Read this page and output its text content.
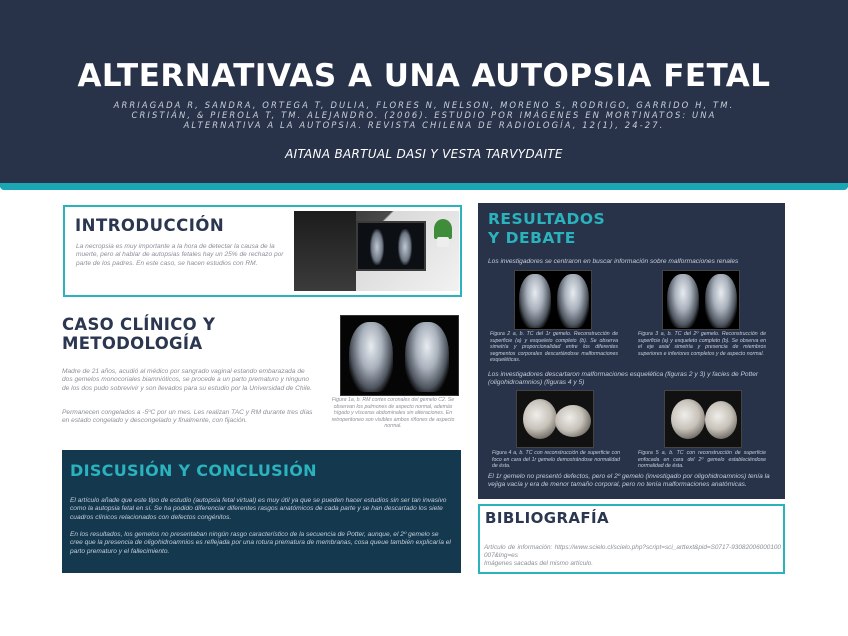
ALTERNATIVAS A UNA AUTOPSIA FETAL
ARRIAGADA R, SANDRA, ORTEGA T, DULIA, FLORES N, NELSON, MORENO S, RODRIGO, GARRIDO H, TM. CRISTIÁN, & PIEROLA T, TM. ALEJANDRO. (2006). ESTUDIO POR IMÁGENES EN MORTINATOS: UNA ALTERNATIVA A LA AUTOPSIA. REVISTA CHILENA DE RADIOLOGÍA, 12(1), 24-27.
AITANA BARTUAL DASI Y VESTA TARVYDAITE
INTRODUCCIÓN
La necropsia es muy importante a la hora de detectar la causa de la muerte, pero al hablar de autopsias fetales hay un 25% de rechazo por parte de los padres. En este caso, se hacen estudios con RM.
CASO CLÍNICO Y
METODOLOGÍA
Madre de 21 años, acudió al médico por sangrado vaginal estando embarazada de dos gemelos monocoriales biamnióticos, se procede a un parto prematuro y ninguno de los dos pudo sobrevivir y son llevados para su estudio por la Universidad de Chile.
Permanecen congelados a -5ºC por un mes. Les realizan TAC y RM durante tres días en estado congelado y descongelado y finalmente, con fijación.
Figura 1a, b. RM cortes coronales del gemelo C2. Se observan los pulmones de aspecto normal, además hígado y vísceras abdominales sin alteraciones. En retroperitoneo son visibles ambos riñones de aspecto normal.
DISCUSIÓN Y CONCLUSIÓN
El artículo añade que este tipo de estudio (autopsia fetal virtual) es muy útil ya que se pueden hacer estudios sin ser tan invasivo como la autopsia fetal en sí. Se ha podido diferenciar diferentes rasgos anatómicos de cada parte y se han descartado los siete cuadros clínicos relacionados con defectos congénitos.
En los resultados, los gemelos no presentaban ningún rasgo característico de la secuencia de Potter, aunque, el 2º gemelo se cree que la presencia de oligohidroamnios es reflejada por una rotura prematura de membranas, cosa queue también explicaría el parto prematuro y el fallecimiento.
RESULTADOS
Y DEBATE
Los investigadores se centraron en buscar información sobre malformaciones renales
Figura 2 a, b. TC del 1r gemelo. Reconstrucción de superficie (a) y esqueleto completo (b). Se observa simetría y proporcionalidad entre los diferentes segmentos corporales descartándose malformaciones esqueléticas.
Figura 3 a, b. TC del 2º gemelo. Reconstrucción de superficie (a) y esqueleto completo (b). Se observa en el eje axial simetría y presencia de miembros superiores e inferiores completos y de aspecto normal.
Los investigadores descartaron malformaciones esquelética (figuras 2 y 3) y facies de Potter (oligohidroamnios) (figuras 4 y 5)
Figura 4 a, b. TC con reconstrucción de superficie con foco en cara del 1r gemelo demostrándose normalidad de ésta.
Figura 5 a, b. TC con reconstrucción de superficie enfocada en cara del 2º gemelo estableciéndose normalidad de ésta.
El 1r gemelo no presentó defectos, pero el 2º gemelo (investigado por oligohidroamnios) tenía la vejiga vacía y era de menor tamaño corporal, pero no tenía malformaciones anatómicas.
BIBLIOGRAFÍA
Artículo de información: https://www.scielo.cl/scielo.php?script=sci_arttext&pid=S0717-93082006000100007&lng=es
Imágenes sacadas del mismo artículo.
